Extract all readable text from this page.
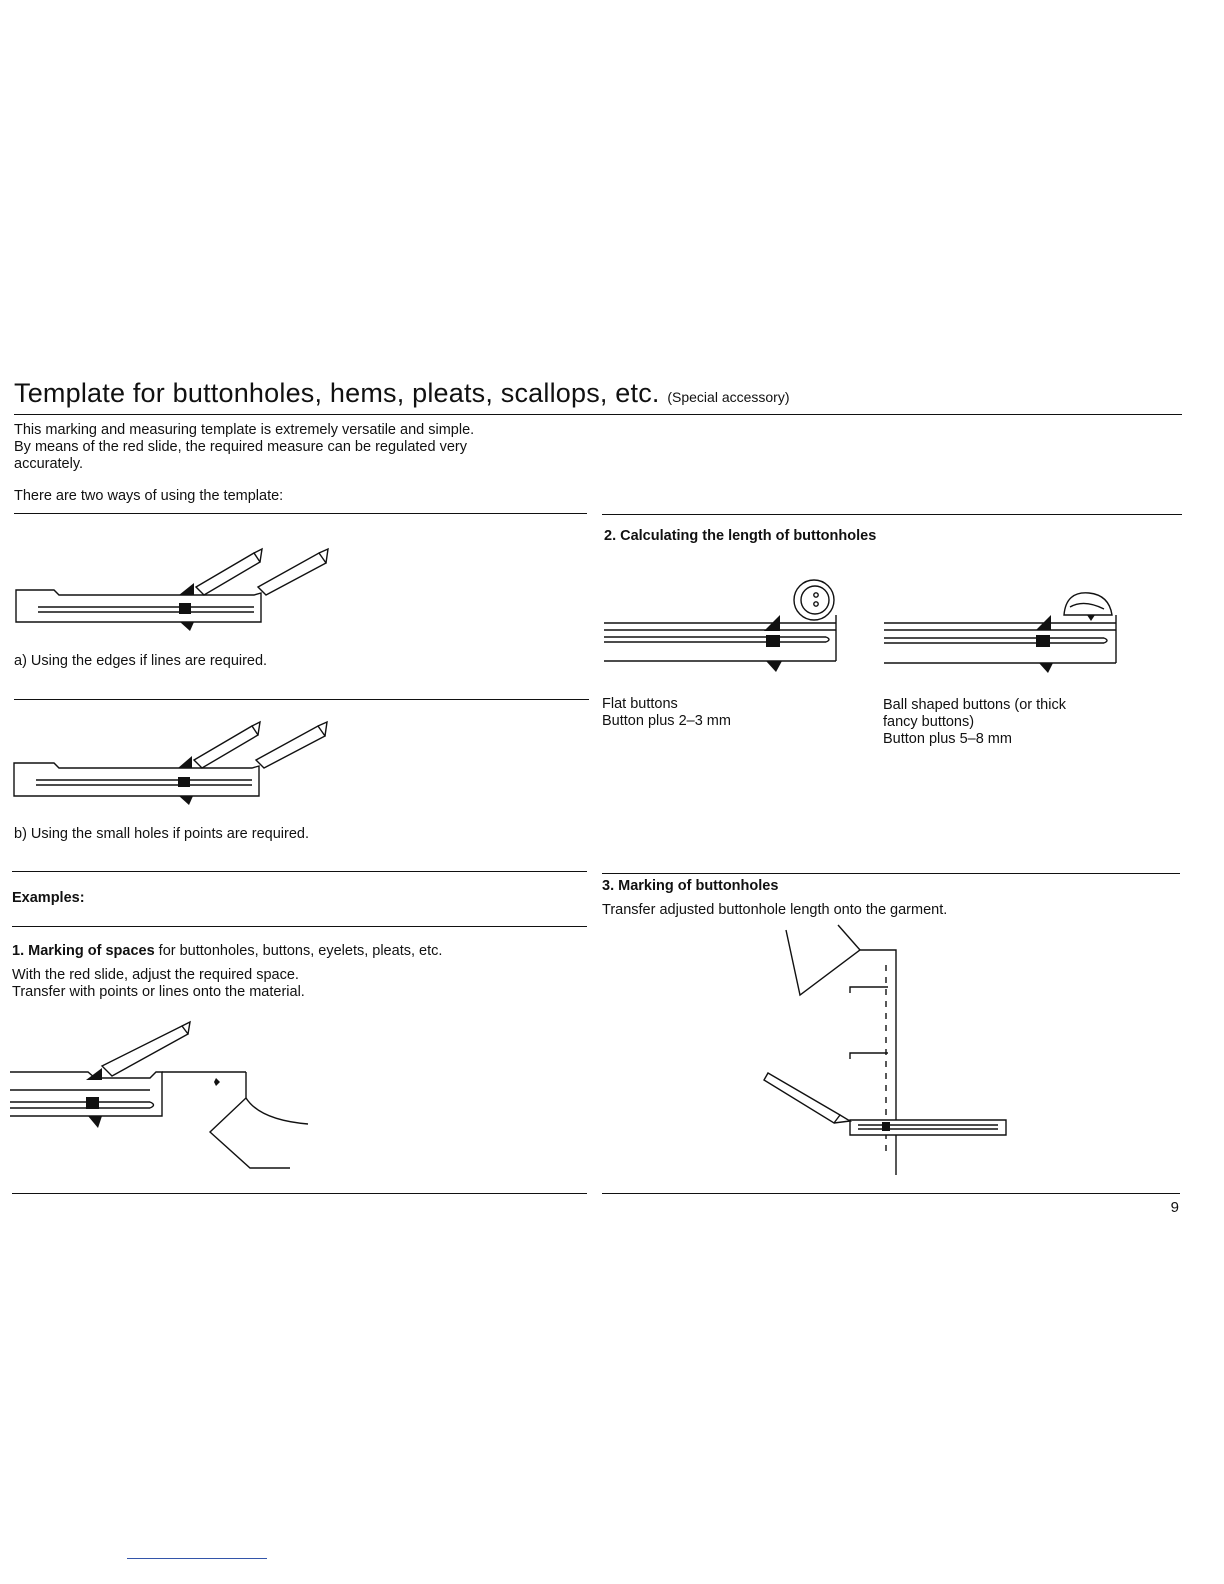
Template for buttonholes, hems, pleats, scallops, etc. (Special accessory)
This marking and measuring template is extremely versatile and simple.
By means of the red slide, the required measure can be regulated very
accurately.
There are two ways of using the template:
a) Using the edges if lines are required.
b) Using the small holes if points are required.
2. Calculating the length of buttonholes
Flat buttons
Button plus 2–3 mm
Ball shaped buttons (or thick
fancy buttons)
Button plus 5–8 mm
Examples:
1. Marking of spaces for buttonholes, buttons, eyelets, pleats, etc.
With the red slide, adjust the required space.
Transfer with points or lines onto the material.
3. Marking of buttonholes
Transfer adjusted buttonhole length onto the garment.
9
